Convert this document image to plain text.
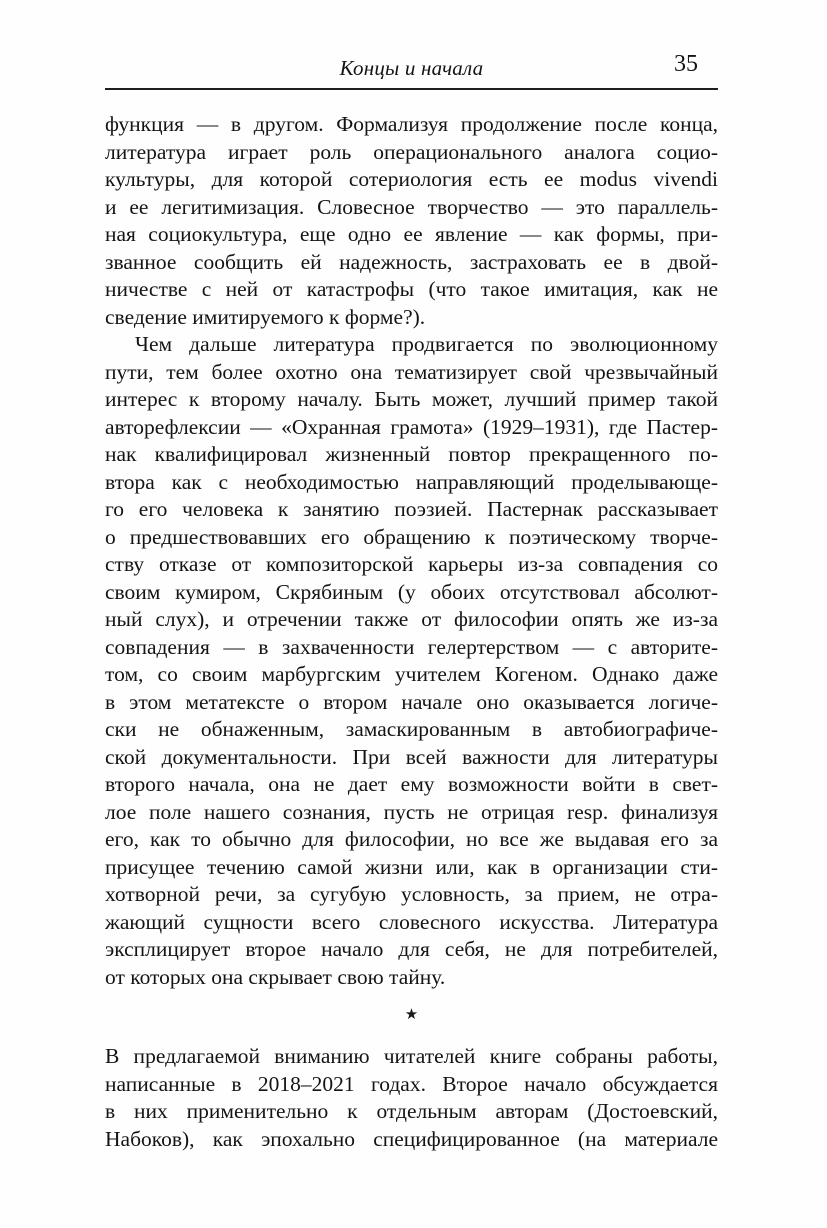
Концы и начала	35
функция — в другом. Формализуя продолжение после конца,
литература играет роль операционального аналога социо-
культуры, для которой сотериология есть ее modus vivendi
и ее легитимизация. Словесное творчество — это параллель-
ная социокультура, еще одно ее явление — как формы, при-
званное сообщить ей надежность, застраховать ее в двой-
ничестве с ней от катастрофы (что такое имитация, как не
сведение имитируемого к форме?).
Чем дальше литература продвигается по эволюционному
пути, тем более охотно она тематизирует свой чрезвычайный
интерес к второму началу. Быть может, лучший пример такой
авторефлексии — «Охранная грамота» (1929–1931), где Пастер-
нак квалифицировал жизненный повтор прекращенного по-
втора как с необходимостью направляющий проделывающе-
го его человека к занятию поэзией. Пастернак рассказывает
о предшествовавших его обращению к поэтическому творче-
ству отказе от композиторской карьеры из-за совпадения со
своим кумиром, Скрябиным (у обоих отсутствовал абсолют-
ный слух), и отречении также от философии опять же из-за
совпадения — в захваченности гелертерством — с авторите-
том, со своим марбургским учителем Когеном. Однако даже
в этом метатексте о втором начале оно оказывается логиче-
ски не обнаженным, замаскированным в автобиографиче-
ской документальности. При всей важности для литературы
второго начала, она не дает ему возможности войти в свет-
лое поле нашего сознания, пусть не отрицая resp. финализуя
его, как то обычно для философии, но все же выдавая его за
присущее течению самой жизни или, как в организации сти-
хотворной речи, за сугубую условность, за прием, не отра-
жающий сущности всего словесного искусства. Литература
эксплицирует второе начало для себя, не для потребителей,
от которых она скрывает свою тайну.
★
В предлагаемой вниманию читателей книге собраны работы,
написанные в 2018–2021 годах. Второе начало обсуждается
в них применительно к отдельным авторам (Достоевский,
Набоков), как эпохально специфицированное (на материале
